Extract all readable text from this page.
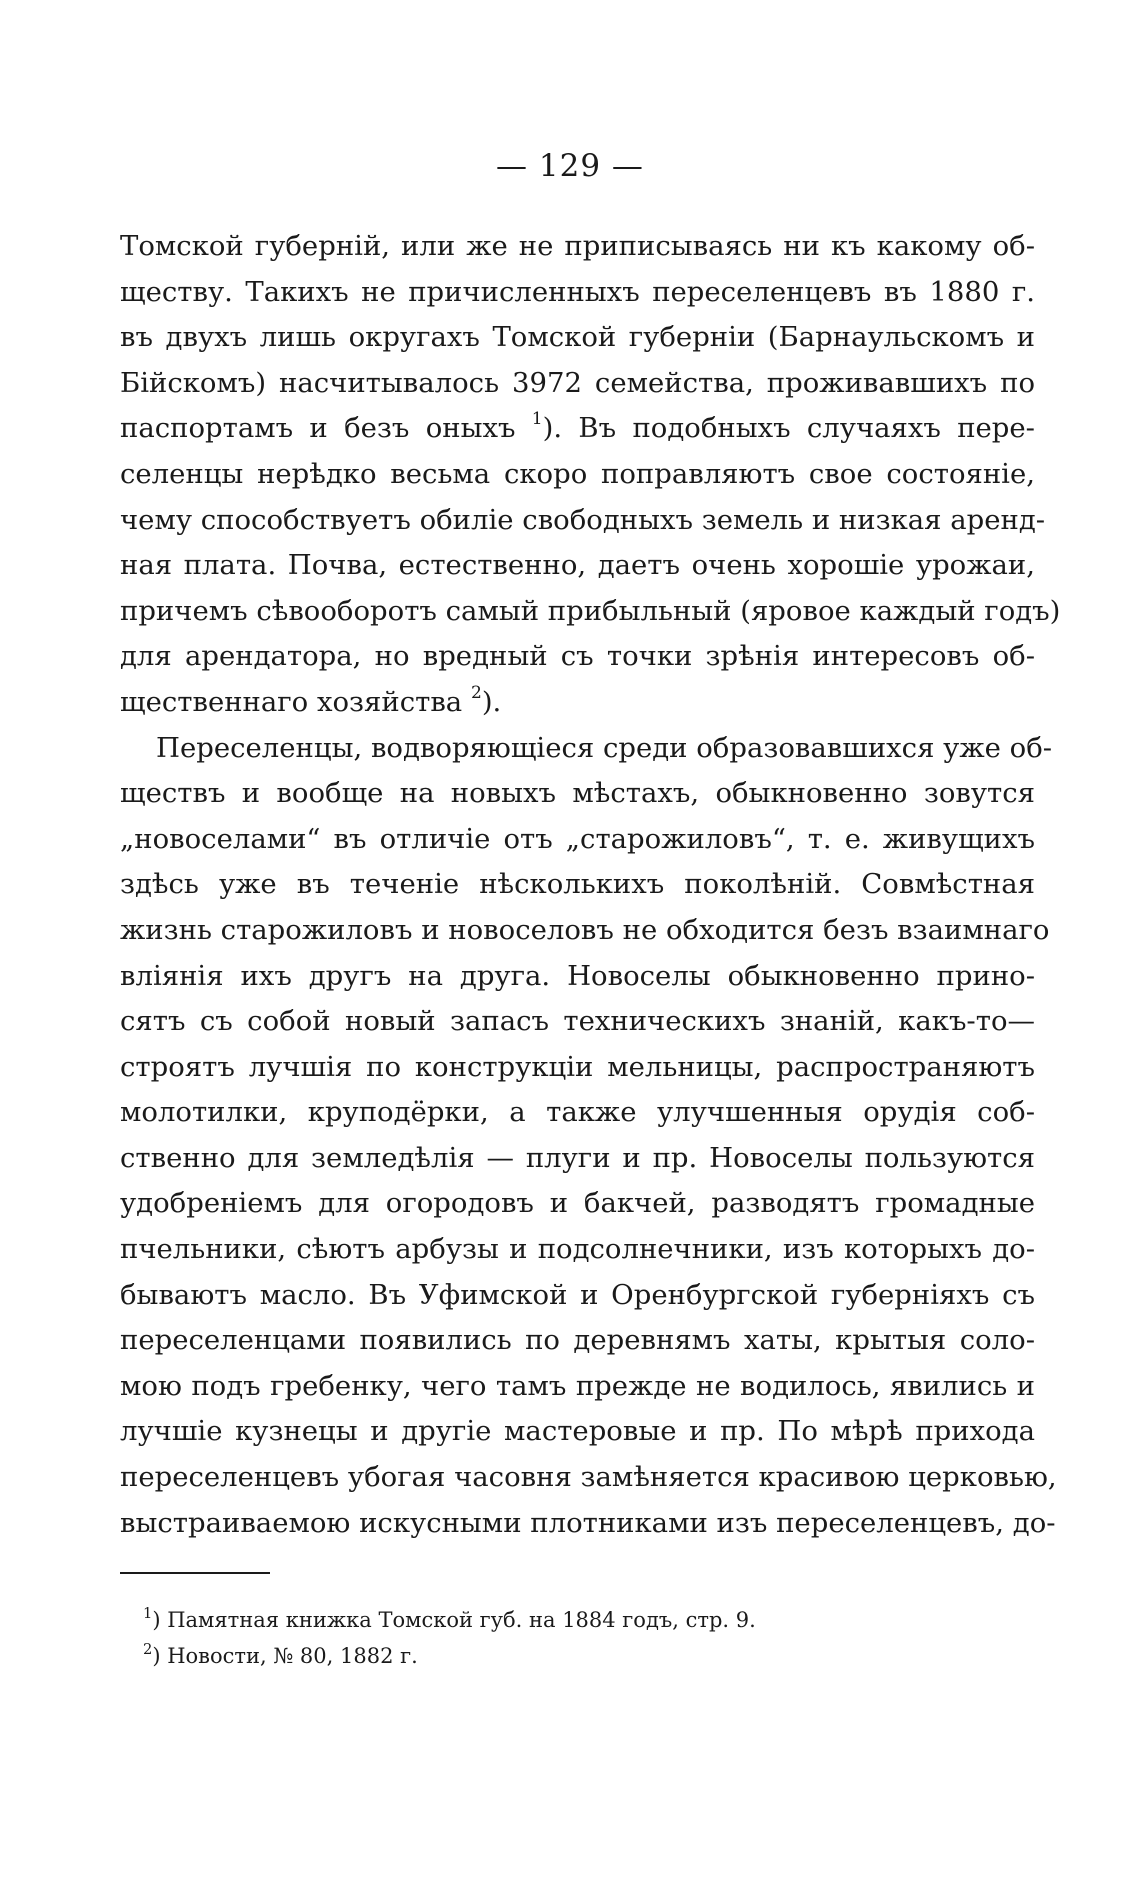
— 129 —
Томской губерній, или же не приписываясь ни къ какому об-
ществу. Такихъ не причисленныхъ переселенцевъ въ 1880 г.
въ двухъ лишь округахъ Томской губерніи (Барнаульскомъ и
Бійскомъ) насчитывалось 3972 семейства, проживавшихъ по
паспортамъ и безъ оныхъ $^1$). Въ подобныхъ случаяхъ пере-
селенцы нерѣдко весьма скоро поправляютъ свое состояніе,
чему способствуетъ обиліе свободныхъ земель и низкая аренд-
ная плата. Почва, естественно, даетъ очень хорошіе урожаи,
причемъ сѣвооборотъ самый прибыльный (яровое каждый годъ)
для арендатора, но вредный съ точки зрѣнія интересовъ об-
щественнаго хозяйства $^2$).
Переселенцы, водворяющіеся среди образовавшихся уже об-
ществъ и вообще на новыхъ мѣстахъ, обыкновенно зовутся
„новоселами“ въ отличіе отъ „старожиловъ“, т. е. живущихъ
здѣсь уже въ теченіе нѣсколькихъ поколѣній. Совмѣстная
жизнь старожиловъ и новоселовъ не обходится безъ взаимнаго
вліянія ихъ другъ на друга. Новоселы обыкновенно прино-
сятъ съ собой новый запасъ техническихъ знаній, какъ-то—
строятъ лучшія по конструкціи мельницы, распространяютъ
молотилки, круподёрки, а также улучшенныя орудія соб-
ственно для земледѣлія — плуги и пр. Новоселы пользуются
удобреніемъ для огородовъ и бакчей, разводятъ громадные
пчельники, сѣютъ арбузы и подсолнечники, изъ которыхъ до-
бываютъ масло. Въ Уфимской и Оренбургской губерніяхъ съ
переселенцами появились по деревнямъ хаты, крытыя соло-
мою подъ гребенку, чего тамъ прежде не водилось, явились и
лучшіе кузнецы и другіе мастеровые и пр. По мѣрѣ прихода
переселенцевъ убогая часовня замѣняется красивою церковью,
выстраиваемою искусными плотниками изъ переселенцевъ, до-
$^1$) Памятная книжка Томской губ. на 1884 годъ, стр. 9.
$^2$) Новости, № 80, 1882 г.
